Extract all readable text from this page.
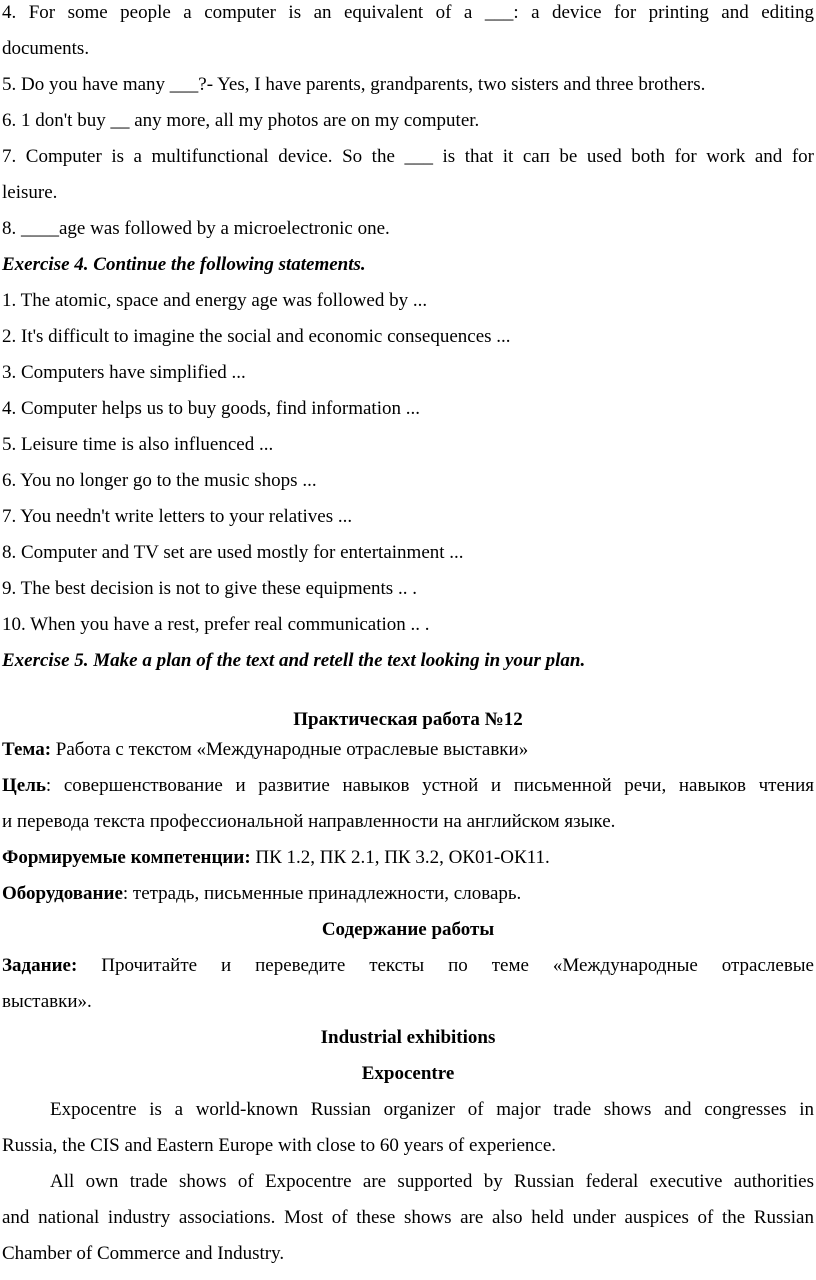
4. For some people a computer is an equivalent of a ___: a device for printing and editing
documents.
5. Do you have many ___?- Yes, I have parents, grandparents, two sisters and three brothers.
6. 1 don't buy __ any more, all my photos are on my computer.
7. Computer is a multifunctional device. So the ___ is that it caп be used both for work and for
leisure.
8. ____age was followed by a microelectronic one.
Exercise 4. Continue the following statements.
1. The atomic, space and energy age was followed by ...
2. It's difficult to imagine the social and economic consequences ...
3. Computers have simplified ...
4. Computer helps us to buy goods, find information ...
5. Leisure time is also influenced ...
6. You no longer go to the music shops ...
7. You needn't write letters to your relatives ...
8. Computer and TV set are used mostly for entertainment ...
9. The best decision is not to give these equipments .. .
10. When you have a rest, prefer real communication .. .
Exercise 5. Make a plan of the text and retell the text looking in your plan.
Практическая работа №12
Тема: Работа с текстом «Международные отраслевые выставки»
Цель: совершенствование и развитие навыков устной и письменной речи, навыков чтения
и перевода текста профессиональной направленности на английском языке.
Формируемые компетенции: ПК 1.2, ПК 2.1, ПК 3.2, ОК01-ОК11.
Оборудование: тетрадь, письменные принадлежности, словарь.
Содержание работы
Задание: Прочитайте и переведите тексты по теме «Международные отраслевые
выставки».
Industrial exhibitions
Expocentre
Expocentre is a world-known Russian organizer of major trade shows and congresses in
Russia, the CIS and Eastern Europe with close to 60 years of experience.
All own trade shows of Expocentre are supported by Russian federal executive authorities
and national industry associations. Most of these shows are also held under auspices of the Russian
Chamber of Commerce and Industry.
